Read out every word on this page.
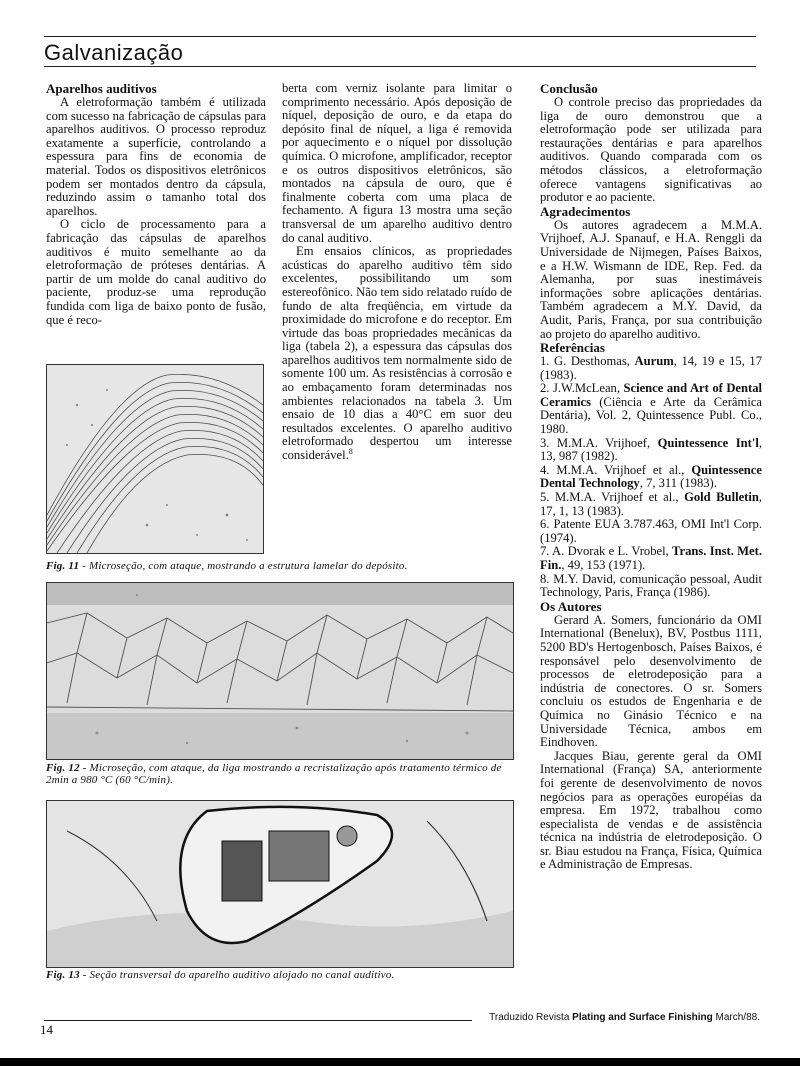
Galvanização
Aparelhos auditivos

A eletroformação também é utilizada com sucesso na fabricação de cápsulas para aparelhos auditivos. O processo reproduz exatamente a superfície, controlando a espessura para fins de economia de material. Todos os dispositivos eletrônicos podem ser montados dentro da cápsula, reduzindo assim o tamanho total dos aparelhos.

O ciclo de processamento para a fabricação das cápsulas de aparelhos auditivos é muito semelhante ao da eletroformação de próteses dentárias. A partir de um molde do canal auditivo do paciente, produz-se uma reprodução fundida com liga de baixo ponto de fusão, que é reco-

Fig. 11 - Microseção, com ataque, mostrando a estrutura lamelar do depósito.

berta com verniz isolante para limitar o comprimento necessário. Após deposição de níquel, deposição de ouro, e da etapa do depósito final de níquel, a liga é removida por aquecimento e o níquel por dissolução química. O microfone, amplificador, receptor e os outros dispositivos eletrônicos, são montados na cápsula de ouro, que é finalmente coberta com uma placa de fechamento. A figura 13 mostra uma seção transversal de um aparelho auditivo dentro do canal auditivo.

Em ensaios clínicos, as propriedades acústicas do aparelho auditivo têm sido excelentes, possibilitando um som estereofônico. Não tem sido relatado ruído de fundo de alta freqüência, em virtude da proximidade do microfone e do receptor. Em virtude das boas propriedades mecânicas da liga (tabela 2), a espessura das cápsulas dos aparelhos auditivos tem normalmente sido de somente 100 um. As resistências à corrosão e ao embaçamento foram determinadas nos ambientes relacionados na tabela 3. Um ensaio de 10 dias a 40°C em suor deu resultados excelentes. O aparelho auditivo eletroformado despertou um interesse considerável.$^8$

Fig. 12 - Microseção, com ataque, da liga mostrando a recristalização após tratamento térmico de 2min a 980 °C (60 °C/min).
Fig. 13 - Seção transversal do aparelho auditivo alojado no canal auditivo.
Conclusão

O controle preciso das propriedades da liga de ouro demonstrou que a eletroformação pode ser utilizada para restaurações dentárias e para aparelhos auditivos. Quando comparada com os métodos clássicos, a eletroformação oferece vantagens significativas ao produtor e ao paciente.

Agradecimentos

Os autores agradecem a M.M.A. Vrijhoef, A.J. Spanauf, e H.A. Renggli da Universidade de Nijmegen, Países Baixos, e a H.W. Wismann de IDE, Rep. Fed. da Alemanha, por suas inestimáveis informações sobre aplicações dentárias. Também agradecem a M.Y. David, da Audit, Paris, França, por sua contribuição ao projeto do aparelho auditivo.

Referências

1. G. Desthomas, Aurum, 14, 19 e 15, 17 (1983).

2. J.W.McLean, Science and Art of Dental Ceramics (Ciência e Arte da Cerâmica Dentária), Vol. 2, Quintessence Publ. Co., 1980.

3. M.M.A. Vrijhoef, Quintessence Int'l, 13, 987 (1982).

4. M.M.A. Vrijhoef et al., Quintessence Dental Technology, 7, 311 (1983).

5. M.M.A. Vrijhoef et al., Gold Bulletin, 17, 1, 13 (1983).

6. Patente EUA 3.787.463, OMI Int'l Corp. (1974).

7. A. Dvorak e L. Vrobel, Trans. Inst. Met. Fin., 49, 153 (1971).

8. M.Y. David, comunicação pessoal, Audit Technology, Paris, França (1986).

Os Autores

Gerard A. Somers, funcionário da OMI International (Benelux), BV, Postbus 1111, 5200 BD's Hertogenbosch, Países Baixos, é responsável pelo desenvolvimento de processos de eletrodeposição para a indústria de conectores. O sr. Somers concluiu os estudos de Engenharia e de Química no Ginásio Técnico e na Universidade Técnica, ambos em Eindhoven.

Jacques Biau, gerente geral da OMI International (França) SA, anteriormente foi gerente de desenvolvimento de novos negócios para as operações européias da empresa. Em 1972, trabalhou como especialista de vendas e de assistência técnica na indústria de eletrodeposição. O sr. Biau estudou na França, Física, Química e Administração de Empresas.

Traduzido Revista Plating and Surface Finishing March/88.
14
